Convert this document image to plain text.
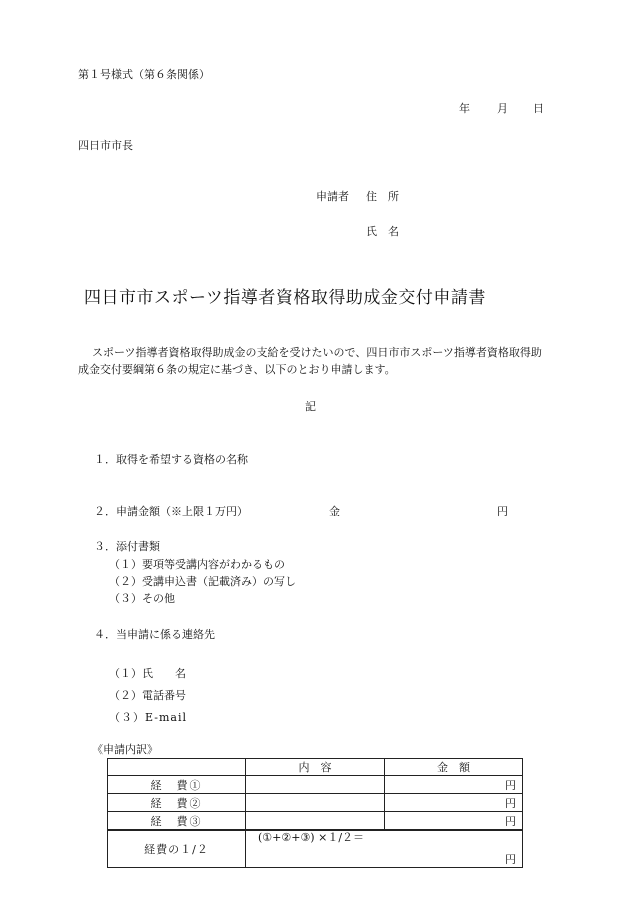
第１号様式（第６条関係）
年 月 日
四日市市長
申請者 住　所
氏　名
四日市市スポーツ指導者資格取得助成金交付申請書
スポーツ指導者資格取得助成金の支給を受けたいので、四日市市スポーツ指導者資格取得助成金交付要綱第６条の規定に基づき、以下のとおり申請します。
記
１．取得を希望する資格の名称
２．申請金額（※上限１万円）	金	円
３．添付書類
（１）要項等受講内容がわかるもの
（２）受講申込書（記載済み）の写し
（３）その他
４．当申請に係る連絡先
（１）氏　　名
（２）電話番号
（３）E-mail
《申請内訳》
	内　容	金　額
経　費①		円
経　費②		円
経　費③		円
経費の１/２	(①+②+③) ×１/２＝
円	
